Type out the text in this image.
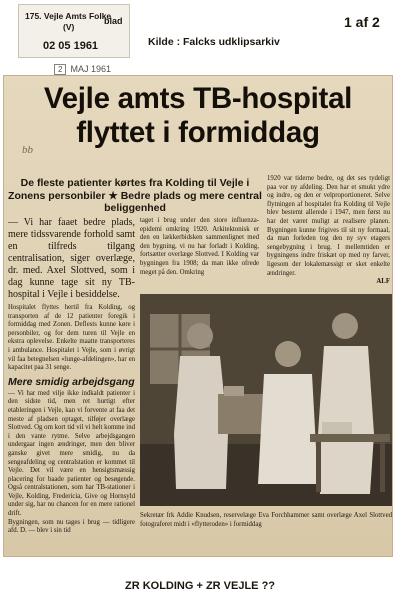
175. Vejle Amts Folke
(V)
02 05 1961
blad	1 af 2
Kilde : Falcks udklipsarkiv
2 MAJ 1961
Vejle amts TB-hospital flyttet i formiddag
bb
De fleste patienter kørtes fra Kolding til Vejle i Zonens personbiler ★ Bedre plads og mere central beliggenhed

— Vi har faaet bedre plads, mere tidssvarende forhold samt en tilfreds tilgang centralisation, siger overlæge, dr. med. Axel Slottved, som i dag kunne tage sit ny TB-hospital i Vejle i besiddelse.

Hospitalet flyttes hertil fra Kolding, og transporten af de 12 patienter foregik i formiddag med Zonen. Deflests kunne køre i personbiler, og for dem turen til Vejle en ekstra oplevelse. Enkelte maatte transporteres i ambulance. Hospitalet i Vejle, som i øvrigt vil faa betegnelsen «lunge-afdelingen», har en kapacitet paa 31 senge.

Mere smidig arbejdsgang

— Vi har med vilje ikke indkaldt patienter i den sidste tid, men ret hurtigt efter etableringen i Vejle, kan vi forvente at faa det meste af pladsen optaget, tilføjer overlæge Slottved. Og om kort tid vil vi helt komme ind i den vante rytme. Selve arbejdsgangen undergaar ingen ændringer, men den bliver ganske givet mere smidig, nu da sengeafdeling og centralstation er kommet til Vejle. Det vil være en hensigtsmæssig placering for baade patienter og besøgende. Også centralstationen, som har TB-stationer i Vejle, Kolding, Fredericia, Give og Hornsyld under sig, har nu chancen for en mere rationel drift.

Bygningen, som nu tages i brug — tidligere afd. D. — blev i sin tid

taget i brug under den store influenza-epidemi omkring 1920. Arkitektonisk er den en lækkerbidsken sammenlignet med den bygning, vi nu har forladt i Kolding, fortsætter overlæge Slottved. I Kolding var bygningen fra 1908; da man ikke ofrede meget på den. Omkring

1920 var tiderne bedre, og det ses tydeligt paa vor ny afdeling. Den har et smukt ydre og indre, og den er velproportioneret. Selve flytningen af hospitalet fra Kolding til Vejle blev bestemt allerede i 1947, men først nu har det været muligt at realisere planen. Bygningen kunne frigives til sit ny formaal, da man forleden tog den ny syv etagers sengebygning i brug. I mellemtiden er bygningens indre friskæt op med ny farver, ligesom der lokalemæssigt er sket enkelte ændringer.

ALF

Sekretær frk Addie Knudsen, reservelæge Eva Forchhammer samt overlæge Axel Slottved fotograferet midt i «flytteroden» i formiddag
ZR KOLDING + ZR VEJLE ??
